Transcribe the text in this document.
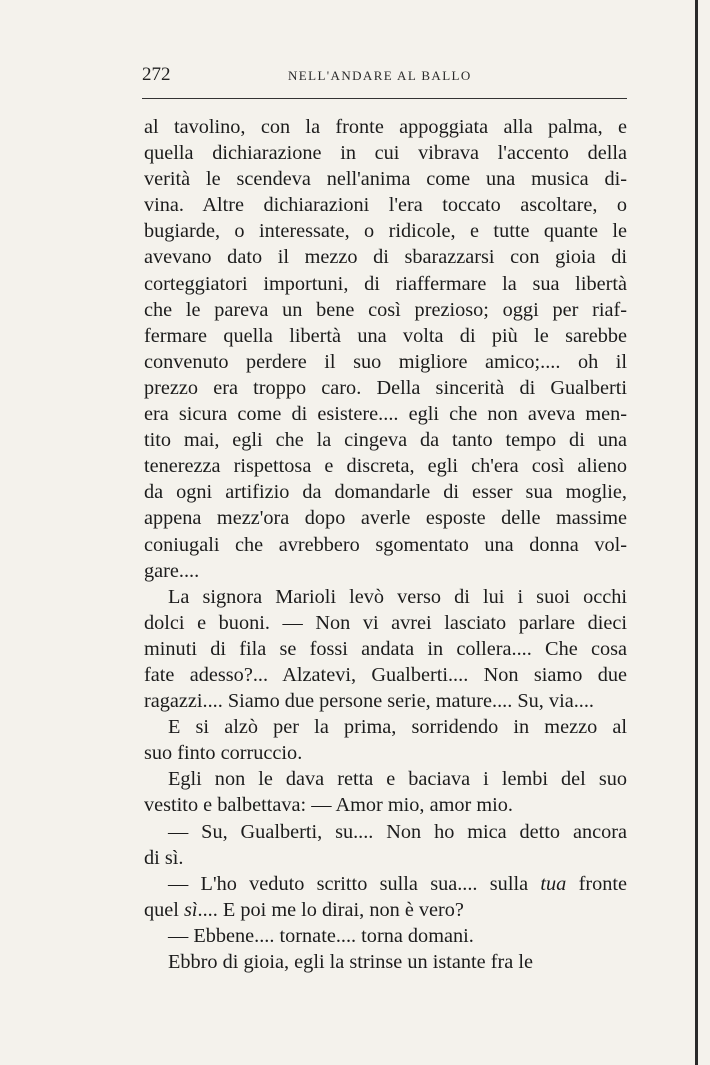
272	NELL'ANDARE AL BALLO

al tavolino, con la fronte appoggiata alla palma, e
quella dichiarazione in cui vibrava l'accento della
verità le scendeva nell'anima come una musica di-
vina. Altre dichiarazioni l'era toccato ascoltare, o
bugiarde, o interessate, o ridicole, e tutte quante le
avevano dato il mezzo di sbarazzarsi con gioia di
corteggiatori importuni, di riaffermare la sua libertà
che le pareva un bene così prezioso; oggi per riaf-
fermare quella libertà una volta di più le sarebbe
convenuto perdere il suo migliore amico;.... oh il
prezzo era troppo caro. Della sincerità di Gualberti
era sicura come di esistere.... egli che non aveva men-
tito mai, egli che la cingeva da tanto tempo di una
tenerezza rispettosa e discreta, egli ch'era così alieno
da ogni artifizio da domandarle di esser sua moglie,
appena mezz'ora dopo averle esposte delle massime
coniugali che avrebbero sgomentato una donna vol-
gare....

La signora Marioli levò verso di lui i suoi occhi
dolci e buoni. — Non vi avrei lasciato parlare dieci
minuti di fila se fossi andata in collera.... Che cosa
fate adesso?... Alzatevi, Gualberti.... Non siamo due
ragazzi.... Siamo due persone serie, mature.... Su, via....

E si alzò per la prima, sorridendo in mezzo al
suo finto corruccio.

Egli non le dava retta e baciava i lembi del suo
vestito e balbettava: — Amor mio, amor mio.

— Su, Gualberti, su.... Non ho mica detto ancora
di sì.

— L'ho veduto scritto sulla sua.... sulla tua fronte
quel sì.... E poi me lo dirai, non è vero?

— Ebbene.... tornate.... torna domani.

Ebbro di gioia, egli la strinse un istante fra le
